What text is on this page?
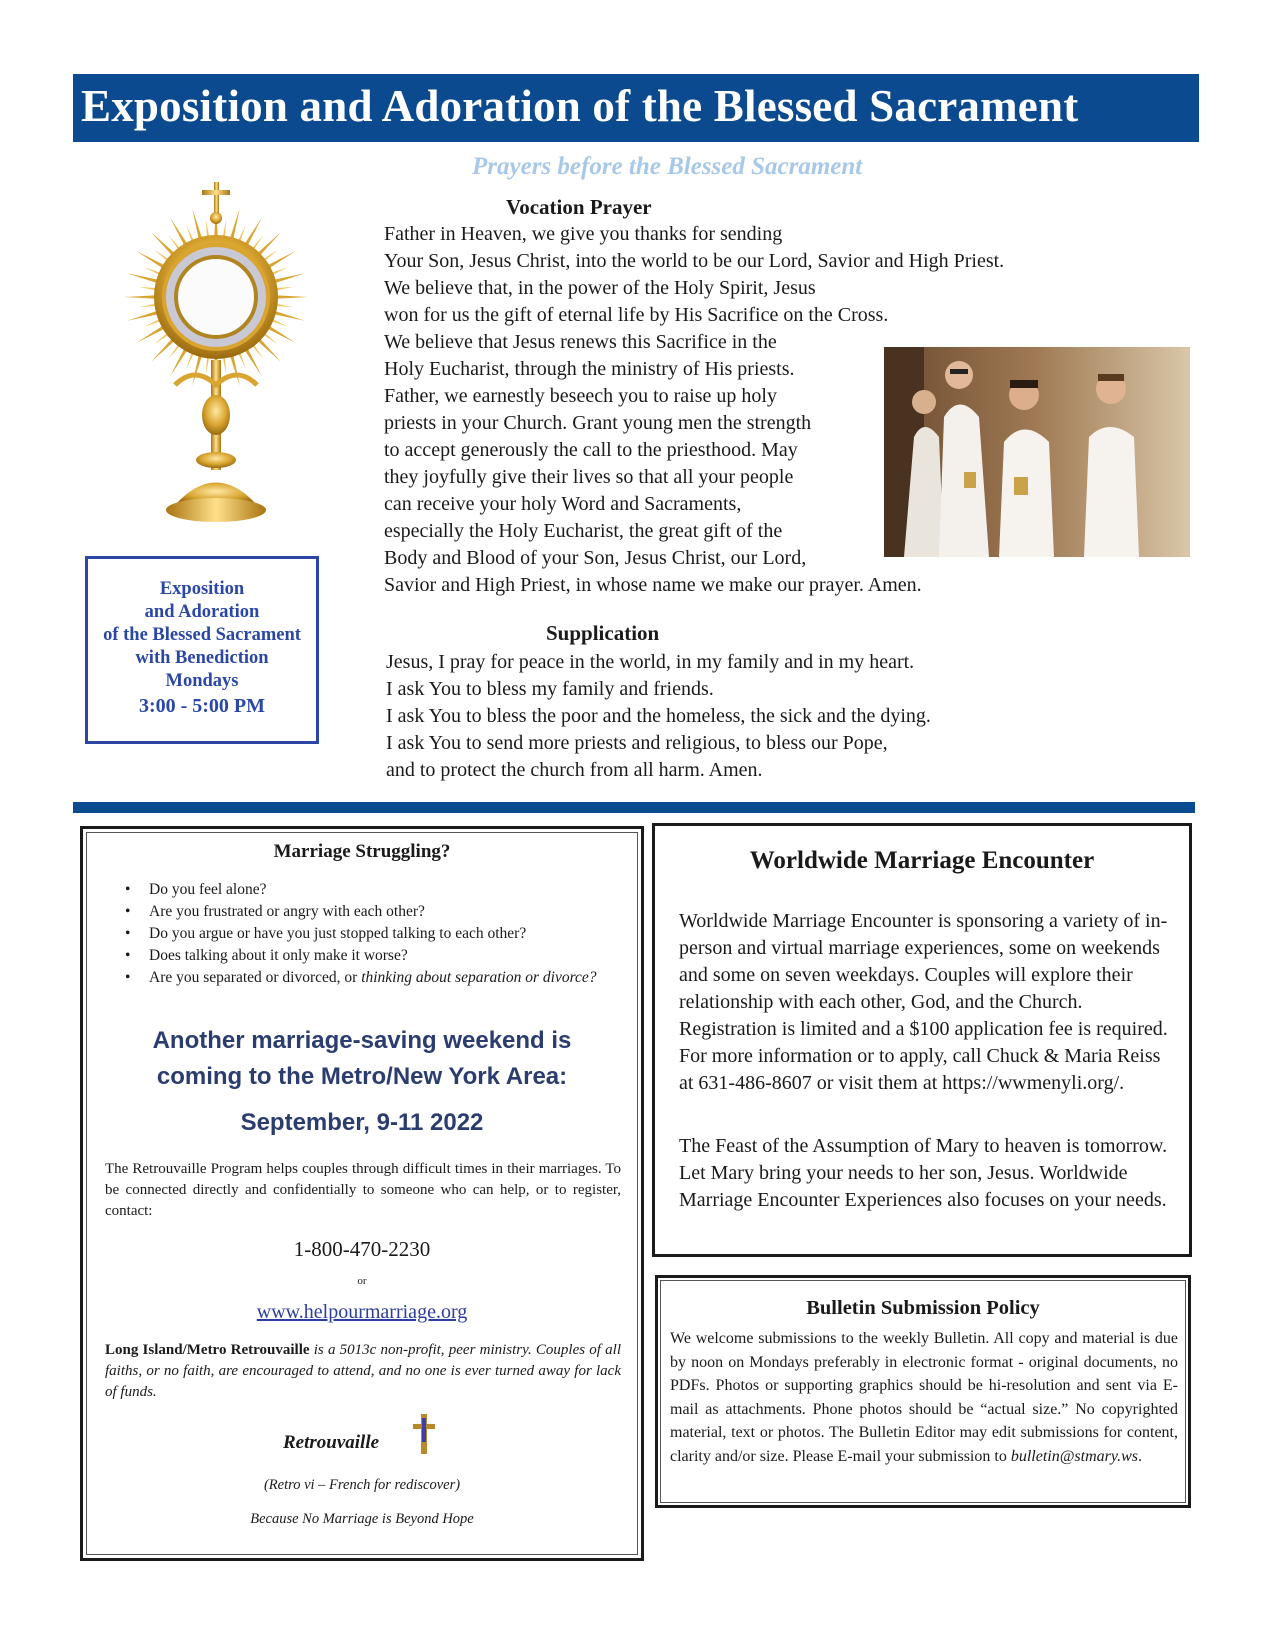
Exposition and Adoration of the Blessed Sacrament
Exposition
and Adoration
of the Blessed Sacrament
with Benediction
Mondays
3:00 - 5:00 PM
Prayers before the Blessed Sacrament
Vocation Prayer
Father in Heaven, we give you thanks for sending
Your Son, Jesus Christ, into the world to be our Lord, Savior and High Priest.
We believe that, in the power of the Holy Spirit, Jesus
won for us the gift of eternal life by His Sacrifice on the Cross.
We believe that Jesus renews this Sacrifice in the
Holy Eucharist, through the ministry of His priests.
Father, we earnestly beseech you to raise up holy
priests in your Church. Grant young men the strength
to accept generously the call to the priesthood. May
they joyfully give their lives so that all your people
can receive your holy Word and Sacraments,
especially the Holy Eucharist, the great gift of the
Body and Blood of your Son, Jesus Christ, our Lord,
Savior and High Priest, in whose name we make our prayer. Amen.
Supplication
Jesus, I pray for peace in the world, in my family and in my heart.
I ask You to bless my family and friends.
I ask You to bless the poor and the homeless, the sick and the dying.
I ask You to send more priests and religious, to bless our Pope,
and to protect the church from all harm. Amen.
Marriage Struggling?
• Do you feel alone?
• Are you frustrated or angry with each other?
• Do you argue or have you just stopped talking to each other?
• Does talking about it only make it worse?
• Are you separated or divorced, or thinking about separation or divorce?
Another marriage-saving weekend is
coming to the Metro/New York Area:
September, 9-11 2022
The Retrouvaille Program helps couples through difficult times in their marriages. To be connected directly and confidentially to someone who can help, or to register, contact:
1-800-470-2230
or
www.helpourmarriage.org
Long Island/Metro Retrouvaille is a 5013c non-profit, peer ministry. Couples of all faiths, or no faith, are encouraged to attend, and no one is ever turned away for lack of funds.
Retrouvaille
(Retro vi – French for rediscover)
Because No Marriage is Beyond Hope
Worldwide Marriage Encounter
Worldwide Marriage Encounter is sponsoring a variety of in-person and virtual marriage experiences, some on weekends and some on seven weekdays. Couples will explore their relationship with each other, God, and the Church. Registration is limited and a $100 application fee is required. For more information or to apply, call Chuck & Maria Reiss at 631-486-8607 or visit them at https://wwmenyli.org/.
The Feast of the Assumption of Mary to heaven is tomorrow. Let Mary bring your needs to her son, Jesus. Worldwide Marriage Encounter Experiences also focuses on your needs.
Bulletin Submission Policy
We welcome submissions to the weekly Bulletin. All copy and material is due by noon on Mondays preferably in electronic format - original documents, no PDFs. Photos or supporting graphics should be hi-resolution and sent via E-mail as attachments. Phone photos should be “actual size.” No copyrighted material, text or photos. The Bulletin Editor may edit submissions for content, clarity and/or size. Please E-mail your submission to bulletin@stmary.ws.
